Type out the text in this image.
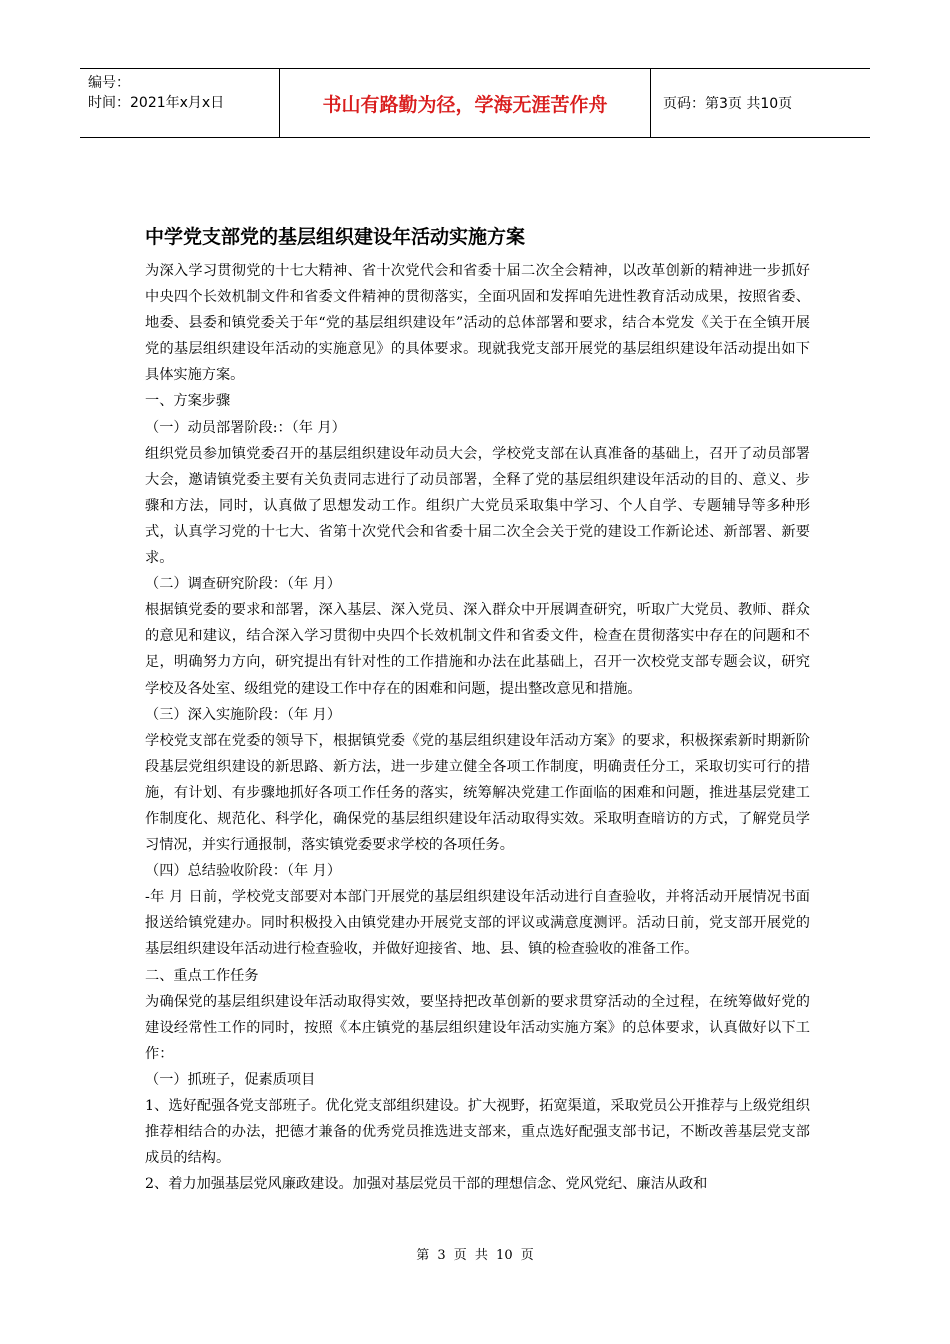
编号：
时间：2021年x月x日	书山有路勤为径，学海无涯苦作舟	页码：第3页 共10页
中学党支部党的基层组织建设年活动实施方案

为深入学习贯彻党的十七大精神、省十次党代会和省委十届二次全会精神，以改革创新的精神进一步抓好中央四个长效机制文件和省委文件精神的贯彻落实，全面巩固和发挥咱先进性教育活动成果，按照省委、地委、县委和镇党委关于年“党的基层组织建设年”活动的总体部署和要求，结合本党发《关于在全镇开展党的基层组织建设年活动的实施意见》的具体要求。现就我党支部开展党的基层组织建设年活动提出如下具体实施方案。

一、方案步骤

（一）动员部署阶段:：（年 月）

组织党员参加镇党委召开的基层组织建设年动员大会，学校党支部在认真准备的基础上，召开了动员部署大会，邀请镇党委主要有关负责同志进行了动员部署，全释了党的基层组织建设年活动的目的、意义、步骤和方法，同时，认真做了思想发动工作。组织广大党员采取集中学习、个人自学、专题辅导等多种形式，认真学习党的十七大、省第十次党代会和省委十届二次全会关于党的建设工作新论述、新部署、新要求。

（二）调查研究阶段：（年 月）

根据镇党委的要求和部署，深入基层、深入党员、深入群众中开展调查研究，听取广大党员、教师、群众的意见和建议，结合深入学习贯彻中央四个长效机制文件和省委文件，检查在贯彻落实中存在的问题和不足，明确努力方向，研究提出有针对性的工作措施和办法在此基础上，召开一次校党支部专题会议，研究学校及各处室、级组党的建设工作中存在的困难和问题，提出整改意见和措施。

（三）深入实施阶段：（年 月）

学校党支部在党委的领导下，根据镇党委《党的基层组织建设年活动方案》的要求，积极探索新时期新阶段基层党组织建设的新思路、新方法，进一步建立健全各项工作制度，明确责任分工，采取切实可行的措施，有计划、有步骤地抓好各项工作任务的落实，统筹解决党建工作面临的困难和问题，推进基层党建工作制度化、规范化、科学化，确保党的基层组织建设年活动取得实效。采取明查暗访的方式，了解党员学习情况，并实行通报制，落实镇党委要求学校的各项任务。

（四）总结验收阶段：（年 月）

-年 月 日前，学校党支部要对本部门开展党的基层组织建设年活动进行自查验收，并将活动开展情况书面报送给镇党建办。同时积极投入由镇党建办开展党支部的评议或满意度测评。活动日前，党支部开展党的基层组织建设年活动进行检查验收，并做好迎接省、地、县、镇的检查验收的准备工作。

二、重点工作任务

为确保党的基层组织建设年活动取得实效，要坚持把改革创新的要求贯穿活动的全过程，在统筹做好党的建设经常性工作的同时，按照《本庄镇党的基层组织建设年活动实施方案》的总体要求，认真做好以下工作：

（一）抓班子，促素质项目

1、选好配强各党支部班子。优化党支部组织建设。扩大视野，拓宽渠道，采取党员公开推荐与上级党组织推荐相结合的办法，把德才兼备的优秀党员推选进支部来，重点选好配强支部书记，不断改善基层党支部成员的结构。

2、着力加强基层党风廉政建设。加强对基层党员干部的理想信念、党风党纪、廉洁从政和

第 3 页 共 10 页
